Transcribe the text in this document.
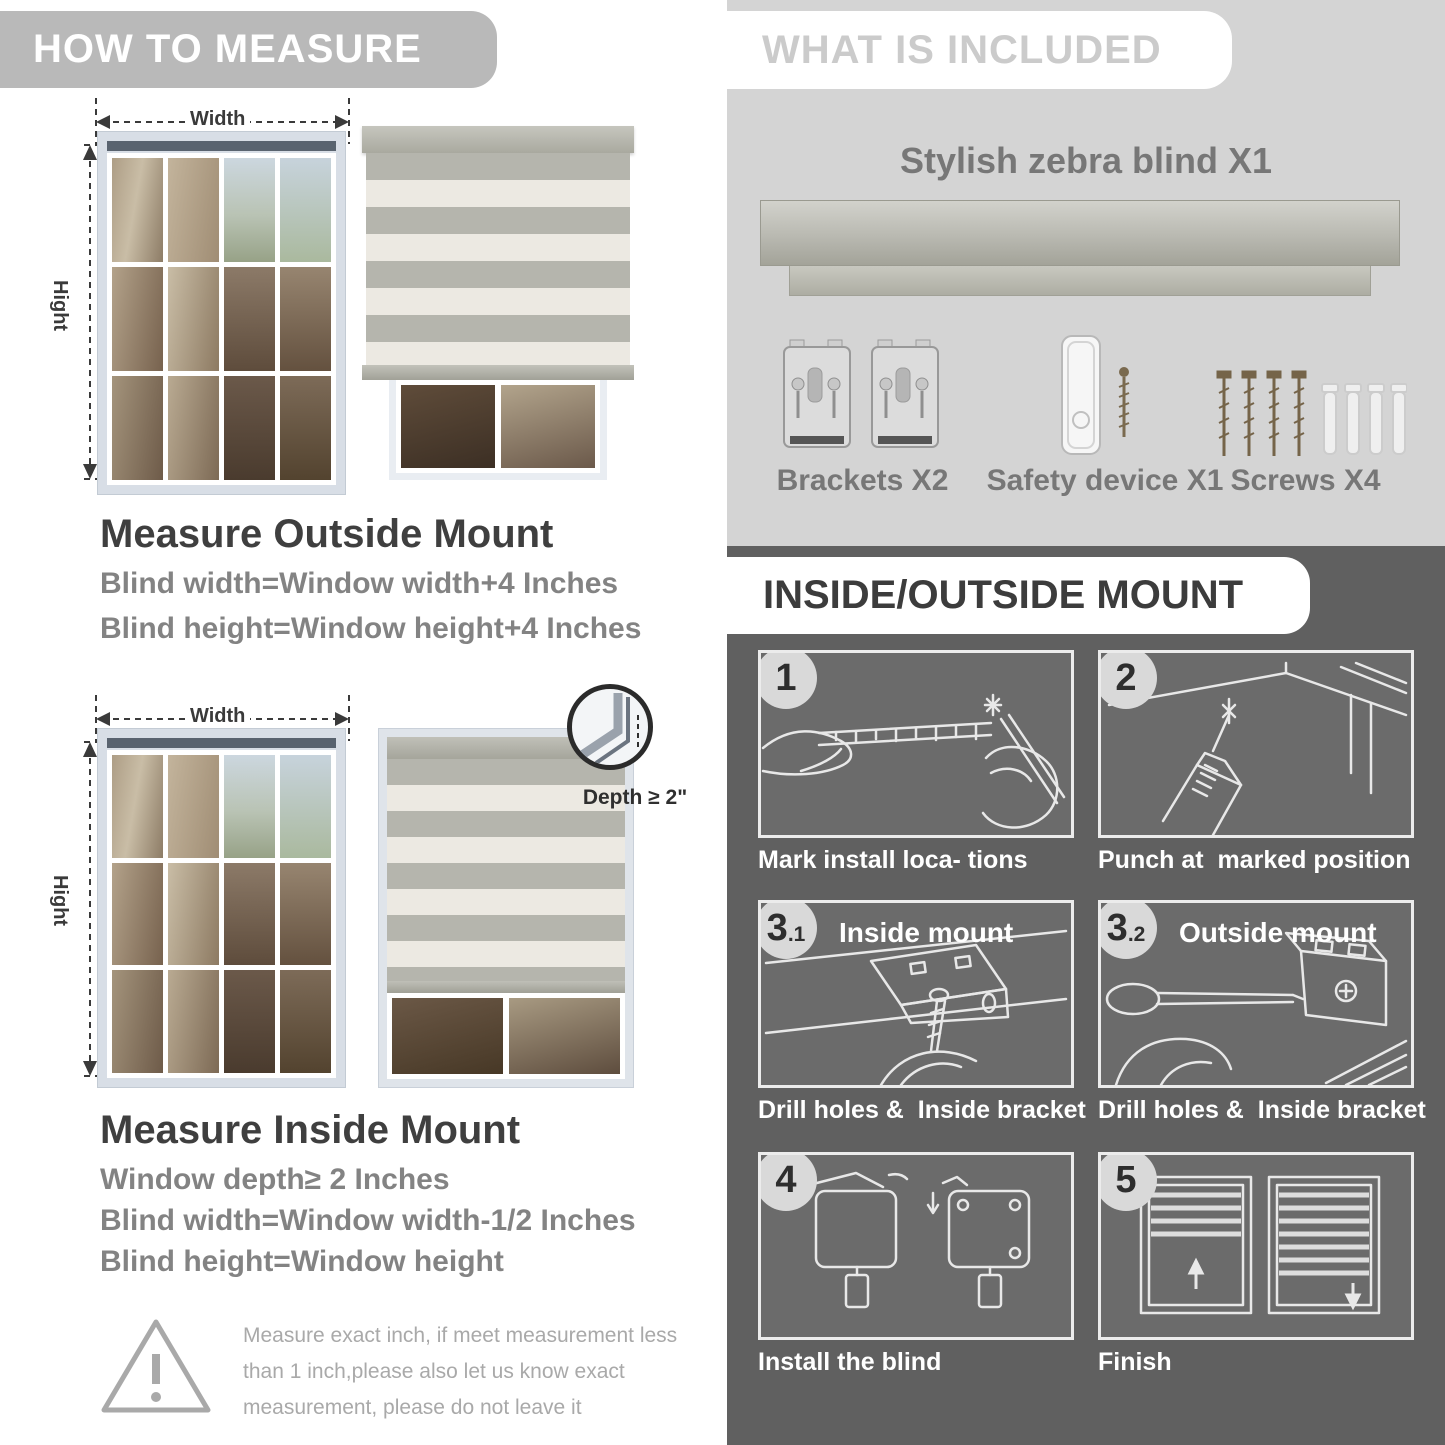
HOW TO MEASURE
Width
Hight
Measure Outside Mount
Blind width=Window width+4 Inches
Blind height=Window height+4 Inches
Width
Hight
Depth ≥ 2"
Measure Inside Mount
Window depth≥ 2 Inches
Blind width=Window width-1/2 Inches
Blind height=Window height
Measure exact inch, if meet measurement less than 1 inch,please also let us know exact measurement, please do not leave it
WHAT IS INCLUDED
Stylish zebra blind X1
Brackets X2 Safety device X1 Screws X4
INSIDE/OUTSIDE MOUNT
1
Mark install loca- tions
2
Punch at  marked position
3 .1 Inside mount
Drill holes &  Inside bracket
3 .2 Outside mount
Drill holes &  Inside bracket
4
Install the blind
5
Finish
